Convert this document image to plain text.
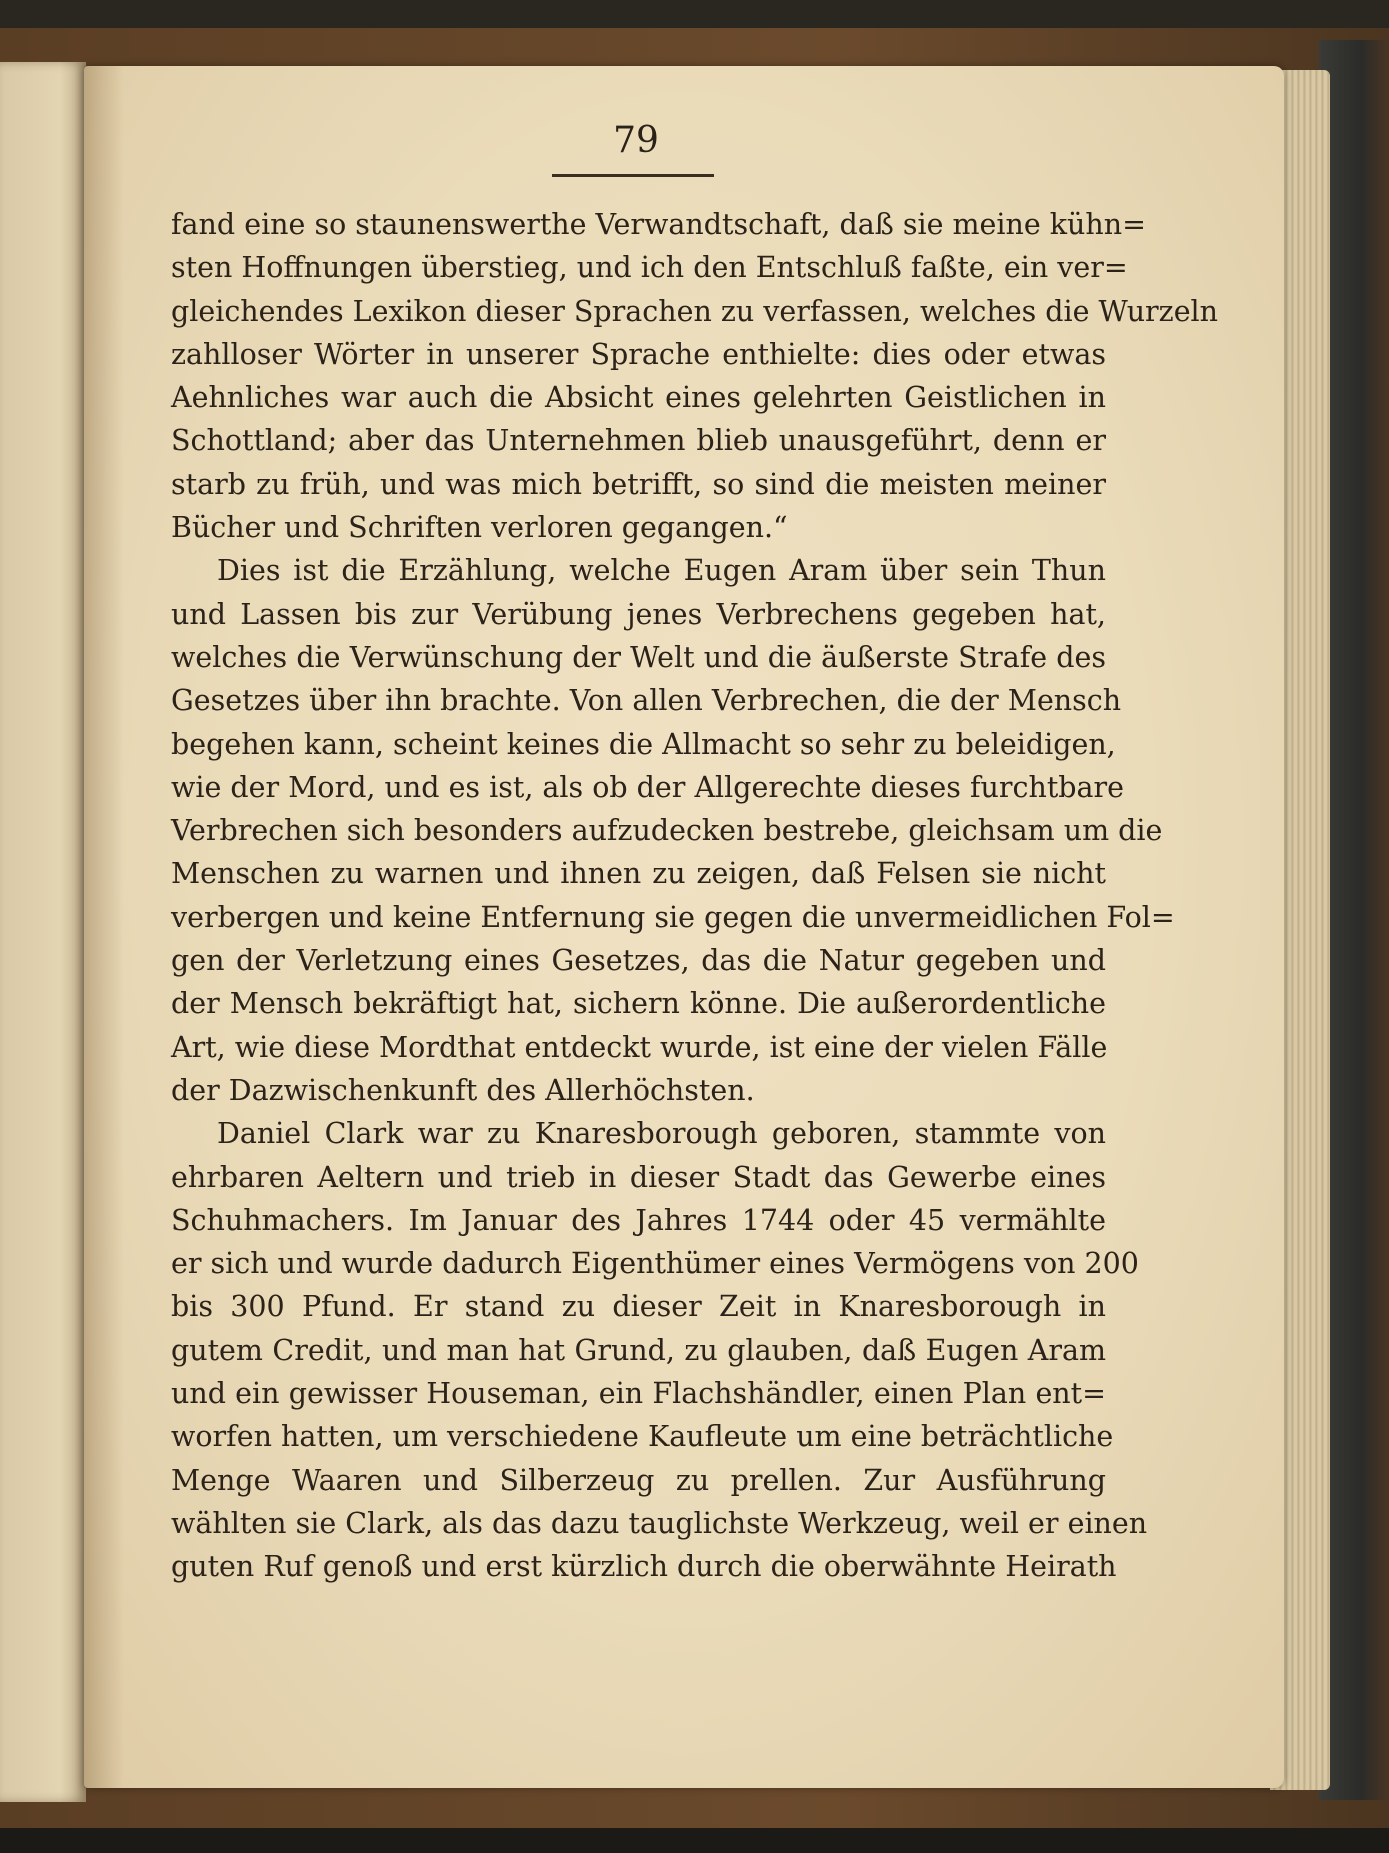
79
fand eine so staunenswerthe Verwandtschaft, daß sie meine kühn=
sten Hoffnungen überstieg, und ich den Entschluß faßte, ein ver=
gleichendes Lexikon dieser Sprachen zu verfassen, welches die Wurzeln
zahlloser Wörter in unserer Sprache enthielte: dies oder etwas
Aehnliches war auch die Absicht eines gelehrten Geistlichen in
Schottland; aber das Unternehmen blieb unausgeführt, denn er
starb zu früh, und was mich betrifft, so sind die meisten meiner
Bücher und Schriften verloren gegangen.“
Dies ist die Erzählung, welche Eugen Aram über sein Thun
und Lassen bis zur Verübung jenes Verbrechens gegeben hat,
welches die Verwünschung der Welt und die äußerste Strafe des
Gesetzes über ihn brachte. Von allen Verbrechen, die der Mensch
begehen kann, scheint keines die Allmacht so sehr zu beleidigen,
wie der Mord, und es ist, als ob der Allgerechte dieses furchtbare
Verbrechen sich besonders aufzudecken bestrebe, gleichsam um die
Menschen zu warnen und ihnen zu zeigen, daß Felsen sie nicht
verbergen und keine Entfernung sie gegen die unvermeidlichen Fol=
gen der Verletzung eines Gesetzes, das die Natur gegeben und
der Mensch bekräftigt hat, sichern könne. Die außerordentliche
Art, wie diese Mordthat entdeckt wurde, ist eine der vielen Fälle
der Dazwischenkunft des Allerhöchsten.
Daniel Clark war zu Knaresborough geboren, stammte von
ehrbaren Aeltern und trieb in dieser Stadt das Gewerbe eines
Schuhmachers. Im Januar des Jahres 1744 oder 45 vermählte
er sich und wurde dadurch Eigenthümer eines Vermögens von 200
bis 300 Pfund. Er stand zu dieser Zeit in Knaresborough in
gutem Credit, und man hat Grund, zu glauben, daß Eugen Aram
und ein gewisser Houseman, ein Flachshändler, einen Plan ent=
worfen hatten, um verschiedene Kaufleute um eine beträchtliche
Menge Waaren und Silberzeug zu prellen. Zur Ausführung
wählten sie Clark, als das dazu tauglichste Werkzeug, weil er einen
guten Ruf genoß und erst kürzlich durch die oberwähnte Heirath
